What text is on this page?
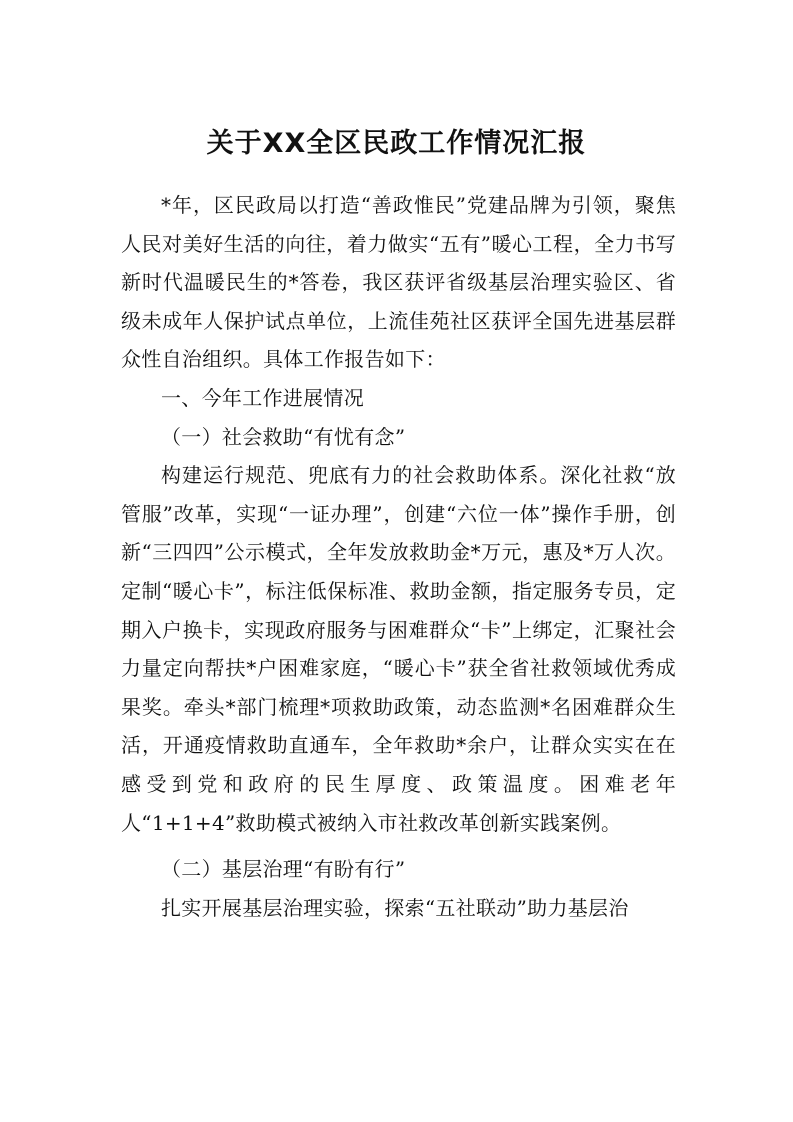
关于XX全区民政工作情况汇报

*年，区民政局以打造“善政惟民”党建品牌为引领，聚焦人民对美好生活的向往，着力做实“五有”暖心工程，全力书写新时代温暖民生的*答卷，我区获评省级基层治理实验区、省级未成年人保护试点单位，上流佳苑社区获评全国先进基层群众性自治组织。具体工作报告如下：

一、今年工作进展情况

（一）社会救助“有忧有念”

构建运行规范、兜底有力的社会救助体系。深化社救“放管服”改革，实现“一证办理”，创建“六位一体”操作手册，创新“三四四”公示模式，全年发放救助金*万元，惠及*万人次。定制“暖心卡”，标注低保标准、救助金额，指定服务专员，定期入户换卡，实现政府服务与困难群众“卡”上绑定，汇聚社会力量定向帮扶*户困难家庭，“暖心卡”获全省社救领域优秀成果奖。牵头*部门梳理*项救助政策，动态监测*名困难群众生活，开通疫情救助直通车，全年救助*余户，让群众实实在在感受到党和政府的民生厚度、政策温度。困难老年人“1+1+4”救助模式被纳入市社救改革创新实践案例。

（二）基层治理“有盼有行”

扎实开展基层治理实验，探索“五社联动”助力基层治
